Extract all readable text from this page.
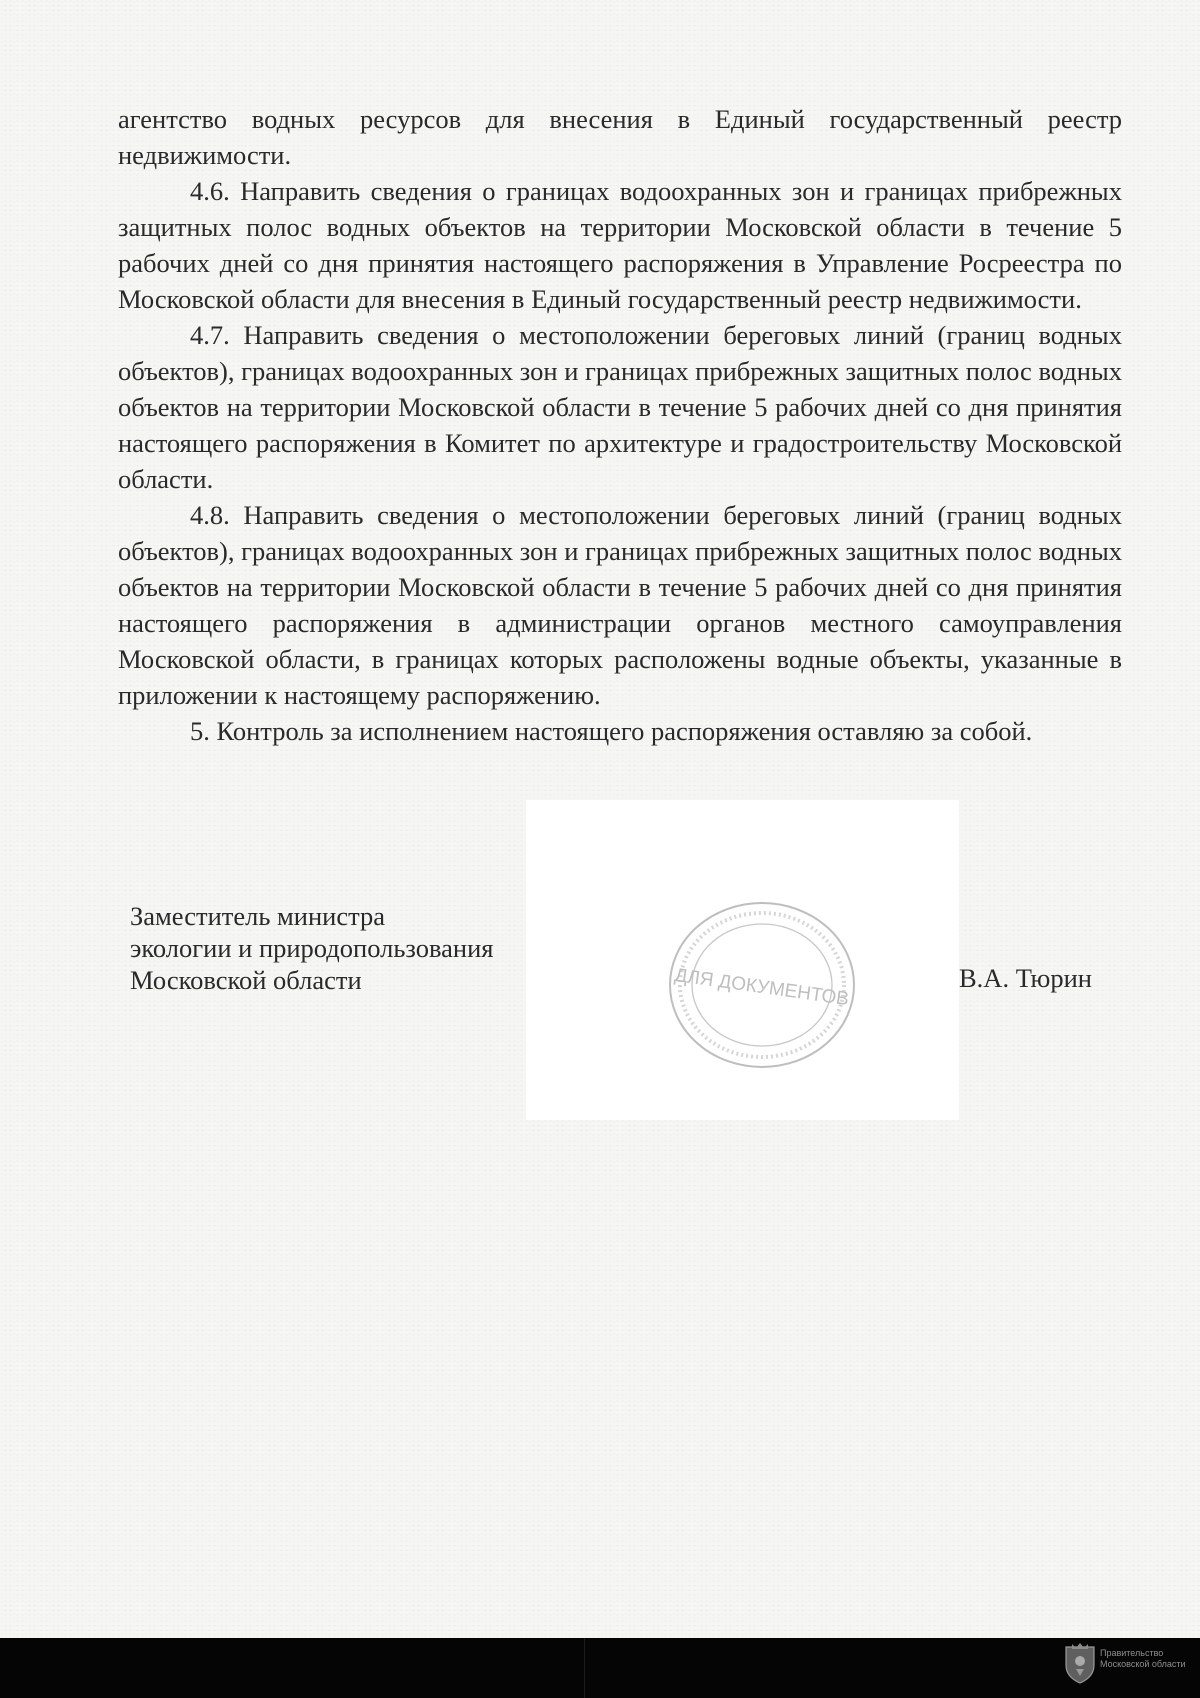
агентство водных ресурсов для внесения в Единый государственный реестр недвижимости.

4.6. Направить сведения о границах водоохранных зон и границах прибрежных защитных полос водных объектов на территории Московской области в течение 5 рабочих дней со дня принятия настоящего распоряжения в Управление Росреестра по Московской области для внесения в Единый государственный реестр недвижимости.

4.7. Направить сведения о местоположении береговых линий (границ водных объектов), границах водоохранных зон и границах прибрежных защитных полос водных объектов на территории Московской области в течение 5 рабочих дней со дня принятия настоящего распоряжения в Комитет по архитектуре и градостроительству Московской области.

4.8. Направить сведения о местоположении береговых линий (границ водных объектов), границах водоохранных зон и границах прибрежных защитных полос водных объектов на территории Московской области в течение 5 рабочих дней со дня принятия настоящего распоряжения в администрации органов местного самоуправления Московской области, в границах которых расположены водные объекты, указанные в приложении к настоящему распоряжению.

5. Контроль за исполнением настоящего распоряжения оставляю за собой.

Заместитель министра
экологии и природопользования
Московской области	ДЛЯ ДОКУМЕНТОВ	В.А. Тюрин
Правительство
Московской области
